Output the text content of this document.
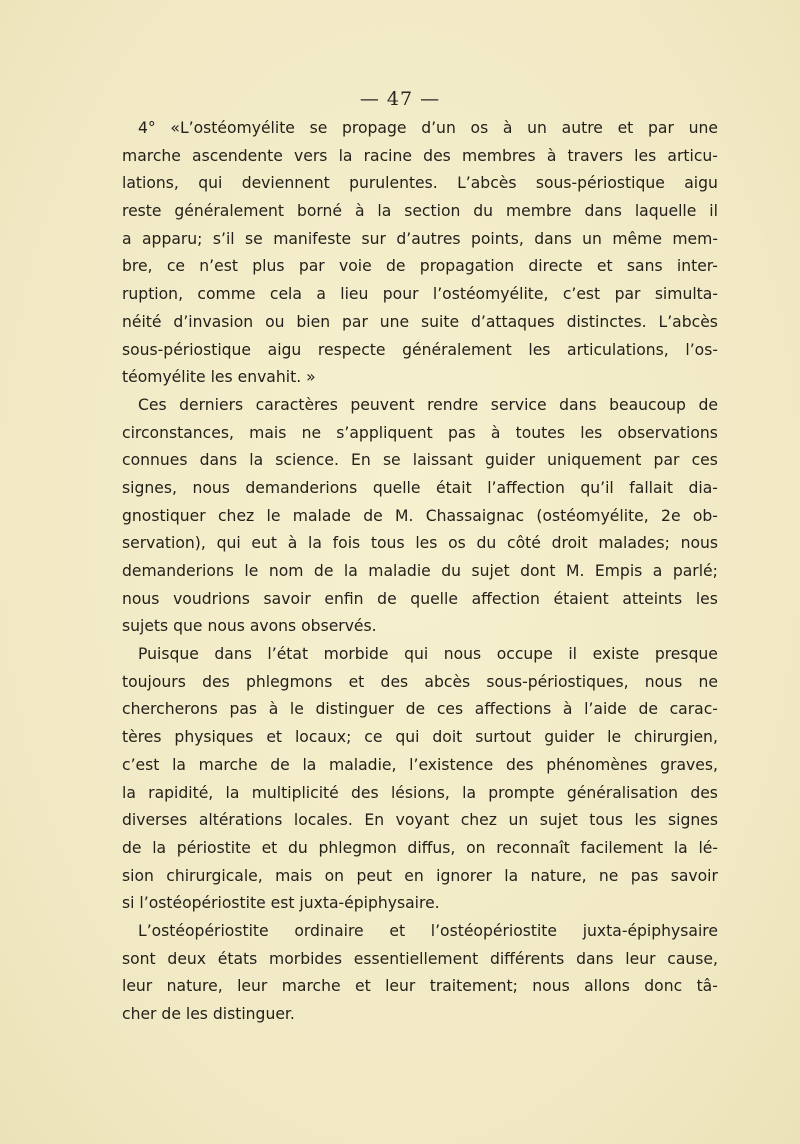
— 47 —
4° «L’ostéomyélite se propage d’un os à un autre et par une
marche ascendente vers la racine des membres à travers les articu-
lations, qui deviennent purulentes. L’abcès sous-périostique aigu
reste généralement borné à la section du membre dans laquelle il
a apparu; s’il se manifeste sur d’autres points, dans un même mem-
bre, ce n’est plus par voie de propagation directe et sans inter-
ruption, comme cela a lieu pour l’ostéomyélite, c’est par simulta-
néité d’invasion ou bien par une suite d’attaques distinctes. L’abcès
sous-périostique aigu respecte généralement les articulations, l’os-
téomyélite les envahit. »
Ces derniers caractères peuvent rendre service dans beaucoup de
circonstances, mais ne s’appliquent pas à toutes les observations
connues dans la science. En se laissant guider uniquement par ces
signes, nous demanderions quelle était l’affection qu’il fallait dia-
gnostiquer chez le malade de M. Chassaignac (ostéomyélite, 2e ob-
servation), qui eut à la fois tous les os du côté droit malades; nous
demanderions le nom de la maladie du sujet dont M. Empis a parlé;
nous voudrions savoir enfin de quelle affection étaient atteints les
sujets que nous avons observés.
Puisque dans l’état morbide qui nous occupe il existe presque
toujours des phlegmons et des abcès sous-périostiques, nous ne
chercherons pas à le distinguer de ces affections à l’aide de carac-
tères physiques et locaux; ce qui doit surtout guider le chirurgien,
c’est la marche de la maladie, l’existence des phénomènes graves,
la rapidité, la multiplicité des lésions, la prompte généralisation des
diverses altérations locales. En voyant chez un sujet tous les signes
de la périostite et du phlegmon diffus, on reconnaît facilement la lé-
sion chirurgicale, mais on peut en ignorer la nature, ne pas savoir
si l’ostéopériostite est juxta-épiphysaire.
L’ostéopériostite ordinaire et l’ostéopériostite juxta-épiphysaire
sont deux états morbides essentiellement différents dans leur cause,
leur nature, leur marche et leur traitement; nous allons donc tâ-
cher de les distinguer.
